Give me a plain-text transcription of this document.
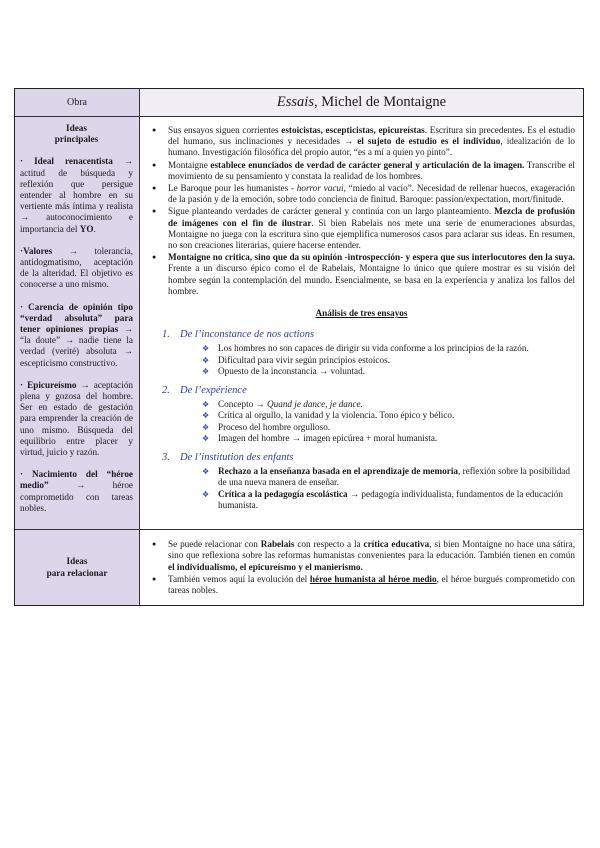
Obra	Essais , Michel de Montaigne
Ideas
principales

· Ideal renacentista → actitud de búsqueda y reflexión que persigue entender al hombre en su vertiente más íntima y realista → autoconocimiento e importancia del YO.

·Valores → tolerancia, antidogmatismo, aceptación de la alteridad. El objetivo es conocerse a uno mismo.

· Carencia de opinión tipo “verdad absoluta” para tener opiniones propias → “la doute” → nadie tiene la verdad (verité) absoluta → escepticismo constructivo.

· Epicureísmo → aceptación plena y gozosa del hombre. Ser en estado de gestación para emprender la creación de uno mismo. Búsqueda del equilibrio entre placer y virtud, juicio y razón.

· Nacimiento del “héroe medio”	→ héroe comprometido con tareas nobles.

● Sus ensayos siguen corrientes estoicistas, escepticistas, epicureístas. Escritura sin precedentes. Es el estudio del humano, sus inclinaciones y necesidades → el sujeto de estudio es el individuo, idealización de lo humano. Investigación filosófica del propio autor, “es a mí a quien yo pinto”.
● Montaigne establece enunciados de verdad de carácter general y articulación de la imagen. Transcribe el movimiento de su pensamiento y constata la realidad de los hombres.
● Le Baroque pour les humanistes - horror vacui, “miedo al vacío”. Necesidad de rellenar huecos, exageración de la pasión y de la emoción, sobre todo conciencia de finitud. Baroque: passion/expectation, mort/finitude.
● Sigue planteando verdades de carácter general y continúa con un largo planteamiento. Mezcla de profusión de imágenes con el fin de ilustrar. Si bien Rabelais nos mete una serie de enumeraciones absurdas, Montaigne no juega con la escritura sino que ejemplifica numerosos casos para aclarar sus ideas. En resumen, no son creaciones literarias, quiere hacerse entender.
● Montaigne no critica, sino que da su opinión -introspección- y espera que sus interlocutores den la suya. Frente a un discurso épico como el de Rabelais, Montaigne lo único que quiere mostrar es su visión del hombre según la contemplación del mundo. Esencialmente, se basa en la experiencia y analiza los fallos del hombre.
Análisis de tres ensayos
1. De l’inconstance de nos actions
❖ Los hombres no son capaces de dirigir su vida conforme a los principios de la razón.
❖ Dificultad para vivir según principios estoicos.
❖ Opuesto de la inconstancia → voluntad.
2. De l’expérience
❖ Concepto → Quand je dance, je dance.
❖ Crítica al orgullo, la vanidad y la violencia. Tono épico y bélico.
❖ Proceso del hombre orgulloso.
❖ Imagen del hombre → imagen epicúrea + moral humanista.
3. De l’institution des enfants
❖ Rechazo a la enseñanza basada en el aprendizaje de memoria, reflexión sobre la posibilidad de una nueva manera de enseñar.
❖ Crítica a la pedagogía escolástica → pedagogía individualista, fundamentos de la educación humanista.
Ideas
para relacionar
● Se puede relacionar con Rabelais con respecto a la crítica educativa, si bien Montaigne no hace una sátira, sino que reflexiona sobre las reformas humanistas convenientes para la educación. También tienen en común el individualismo, el epicureísmo y el manierismo.
● También vemos aquí la evolución del héroe humanista al héroe medio, el héroe burgués comprometido con tareas nobles.
